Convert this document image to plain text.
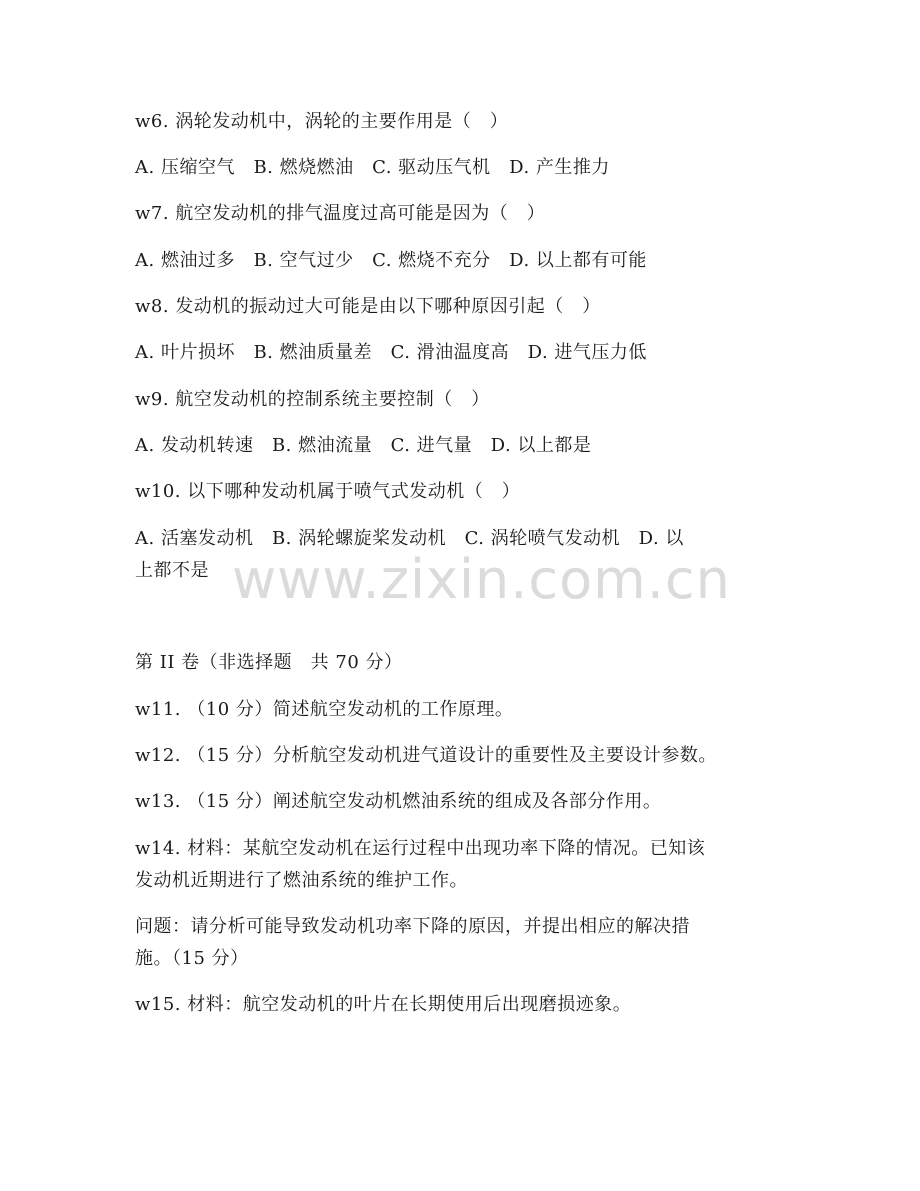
w6. 涡轮发动机中，涡轮的主要作用是（　）
A. 压缩空气　B. 燃烧燃油　C. 驱动压气机　D. 产生推力
w7. 航空发动机的排气温度过高可能是因为（　）
A. 燃油过多　B. 空气过少　C. 燃烧不充分　D. 以上都有可能
w8. 发动机的振动过大可能是由以下哪种原因引起（　）
A. 叶片损坏　B. 燃油质量差　C. 滑油温度高　D. 进气压力低
w9. 航空发动机的控制系统主要控制（　）
A. 发动机转速　B. 燃油流量　C. 进气量　D. 以上都是
w10. 以下哪种发动机属于喷气式发动机（　）
A. 活塞发动机　B. 涡轮螺旋桨发动机　C. 涡轮喷气发动机　D. 以
上都不是 www.zixin.com.cn
第 II 卷（非选择题　共 70 分）
w11. （10 分）简述航空发动机的工作原理。
w12. （15 分）分析航空发动机进气道设计的重要性及主要设计参数。
w13. （15 分）阐述航空发动机燃油系统的组成及各部分作用。
w14. 材料：某航空发动机在运行过程中出现功率下降的情况。已知该
发动机近期进行了燃油系统的维护工作。
问题：请分析可能导致发动机功率下降的原因，并提出相应的解决措
施。（15 分）
w15. 材料：航空发动机的叶片在长期使用后出现磨损迹象。
